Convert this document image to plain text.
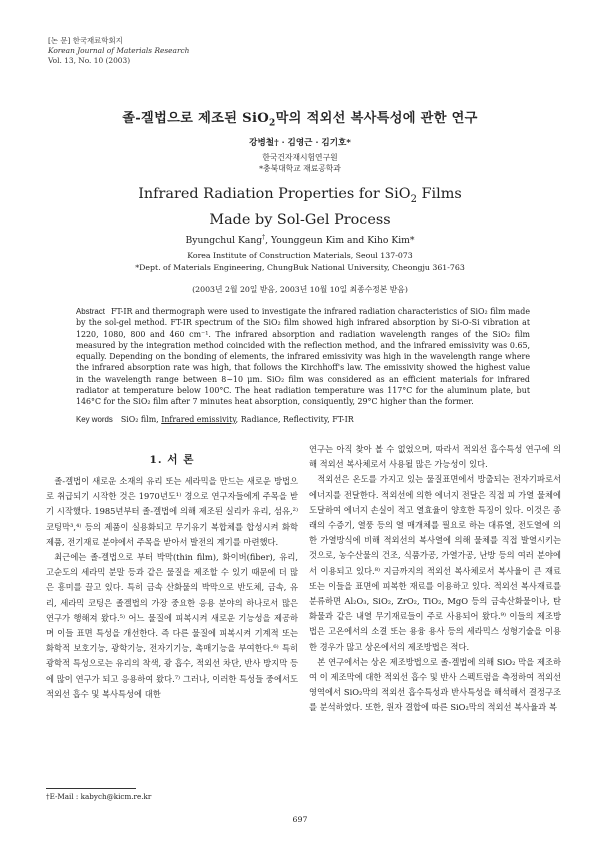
[논 문] 한국재료학회지
Korean Journal of Materials Research
Vol. 13, No. 10 (2003)
졸-겔법으로 제조된 SiO$_2$막의 적외선 복사특성에 관한 연구
강병철† · 김영근 · 김기호*
한국건자재시험연구원
*충북대학교 재료공학과
Infrared Radiation Properties for SiO$_2$ Films
Made by Sol-Gel Process
Byungchul Kang†, Younggeun Kim and Kiho Kim*
Korea Institute of Construction Materials, Seoul 137-073
*Dept. of Materials Engineering, ChungBuk National University, Cheongju 361-763
(2003년 2월 20일 받음, 2003년 10월 10일 최종수정본 받음)
Abstract FT-IR and thermograph were used to investigate the infrared radiation characteristics of SiO₂ film made by the sol-gel method. FT-IR spectrum of the SiO₂ film showed high infrared absorption by Si-O-Si vibration at 1220, 1080, 800 and 460 cm⁻¹. The infrared absorption and radiation wavelength ranges of the SiO₂ film measured by the integration method coincided with the reflection method, and the infrared emissivity was 0.65, equally. Depending on the bonding of elements, the infrared emissivity was high in the wavelength range where the infrared absorption rate was high, that follows the Kirchhoff's law. The emissivity showed the highest value in the wavelength range between 8~10 μm. SiO₂ film was considered as an efficient materials for infrared radiator at temperature below 100°C. The heat radiation temperature was 117°C for the aluminum plate, but 146°C for the SiO₂ film after 7 minutes heat absorption, consiquently, 29°C higher than the former.
Key words SiO₂ film, Infrared emissivity, Radiance, Reflectivity, FT-IR
1. 서 론

졸-겔법이 새로운 소재의 유리 또는 세라믹을 만드는 새로운 방법으로 취급되기 시작한 것은 1970년도¹⁾ 경으로 연구자들에게 주목을 받기 시작했다. 1985년부터 졸-겔법에 의해 제조된 실리카 유리, 섬유,²⁾ 코팅막³,⁴⁾ 등의 제품이 실용화되고 무기유기 복합체를 합성시켜 화학제품, 전기재료 분야에서 주목을 받아서 발전의 계기를 마련했다.

최근에는 졸-겔법으로 부터 박막(thin film), 화이버(fiber), 유리, 고순도의 세라믹 분말 등과 같은 물질을 제조할 수 있기 때문에 더 많은 흥미를 끌고 있다. 특히 금속 산화물의 박막으로 반도체, 금속, 유리, 세라믹 코팅은 졸겔법의 가장 중요한 응용 분야의 하나로서 많은 연구가 행해져 왔다.⁵⁾ 어느 물질에 피복시켜 새로운 기능성을 제공하며 이들 표면 특성을 개선한다. 즉 다른 물질에 피복시켜 기계적 또는 화학적 보호기능, 광학기능, 전자기기능, 촉매기능을 부여한다.⁶⁾ 특히 광학적 특성으로는 유리의 착색, 광 흡수, 적외선 차단, 반사 방지막 등에 많이 연구가 되고 응용하여 왔다.⁷⁾ 그러나, 이러한 특성들 중에서도 적외선 흡수 및 복사특성에 대한

연구는 아직 찾아 볼 수 없었으며, 따라서 적외선 흡수특성 연구에 의해 적외선 복사체로서 사용될 많은 가능성이 있다.

적외선은 온도를 가지고 있는 물질표면에서 방출되는 전자기파로서 에너지를 전달한다. 적외선에 의한 에너지 전달은 직접 피 가열 물체에 도달하여 에너지 손실이 적고 열효율이 양호한 특징이 있다. 이것은 종래의 수증기, 열풍 등의 열 매개체를 필요로 하는 대류열, 전도열에 의한 가열방식에 비해 적외선의 복사열에 의해 물체를 직접 발열시키는 것으로, 농수산물의 건조, 식품가공, 가열가공, 난방 등의 여러 분야에서 이용되고 있다.⁸⁾ 지금까지의 적외선 복사체로서 복사율이 큰 재료 또는 이들을 표면에 피복한 재료를 이용하고 있다. 적외선 복사재료를 분류하면 Al₂O₃, SiO₂, ZrO₂, TiO₂, MgO 등의 금속산화물이나, 탄화물과 같은 내열 무기재료들이 주로 사용되어 왔다.⁹⁾ 이들의 제조방법은 고온에서의 소결 또는 용융 용사 등의 세라믹스 성형기술을 이용한 경우가 많고 상온에서의 제조방법은 적다.

본 연구에서는 상온 제조방법으로 졸-겔법에 의해 SiO₂ 막을 제조하여 이 제조막에 대한 적외선 흡수 및 반사 스펙트럼을 측정하여 적외선 영역에서 SiO₂막의 적외선 흡수특성과 반사특성을 해석해서 결정구조를 분석하였다. 또한, 원자 결합에 따른 SiO₂막의 적외선 복사율과 복

†E-Mail : kabych@kicm.re.kr
697
